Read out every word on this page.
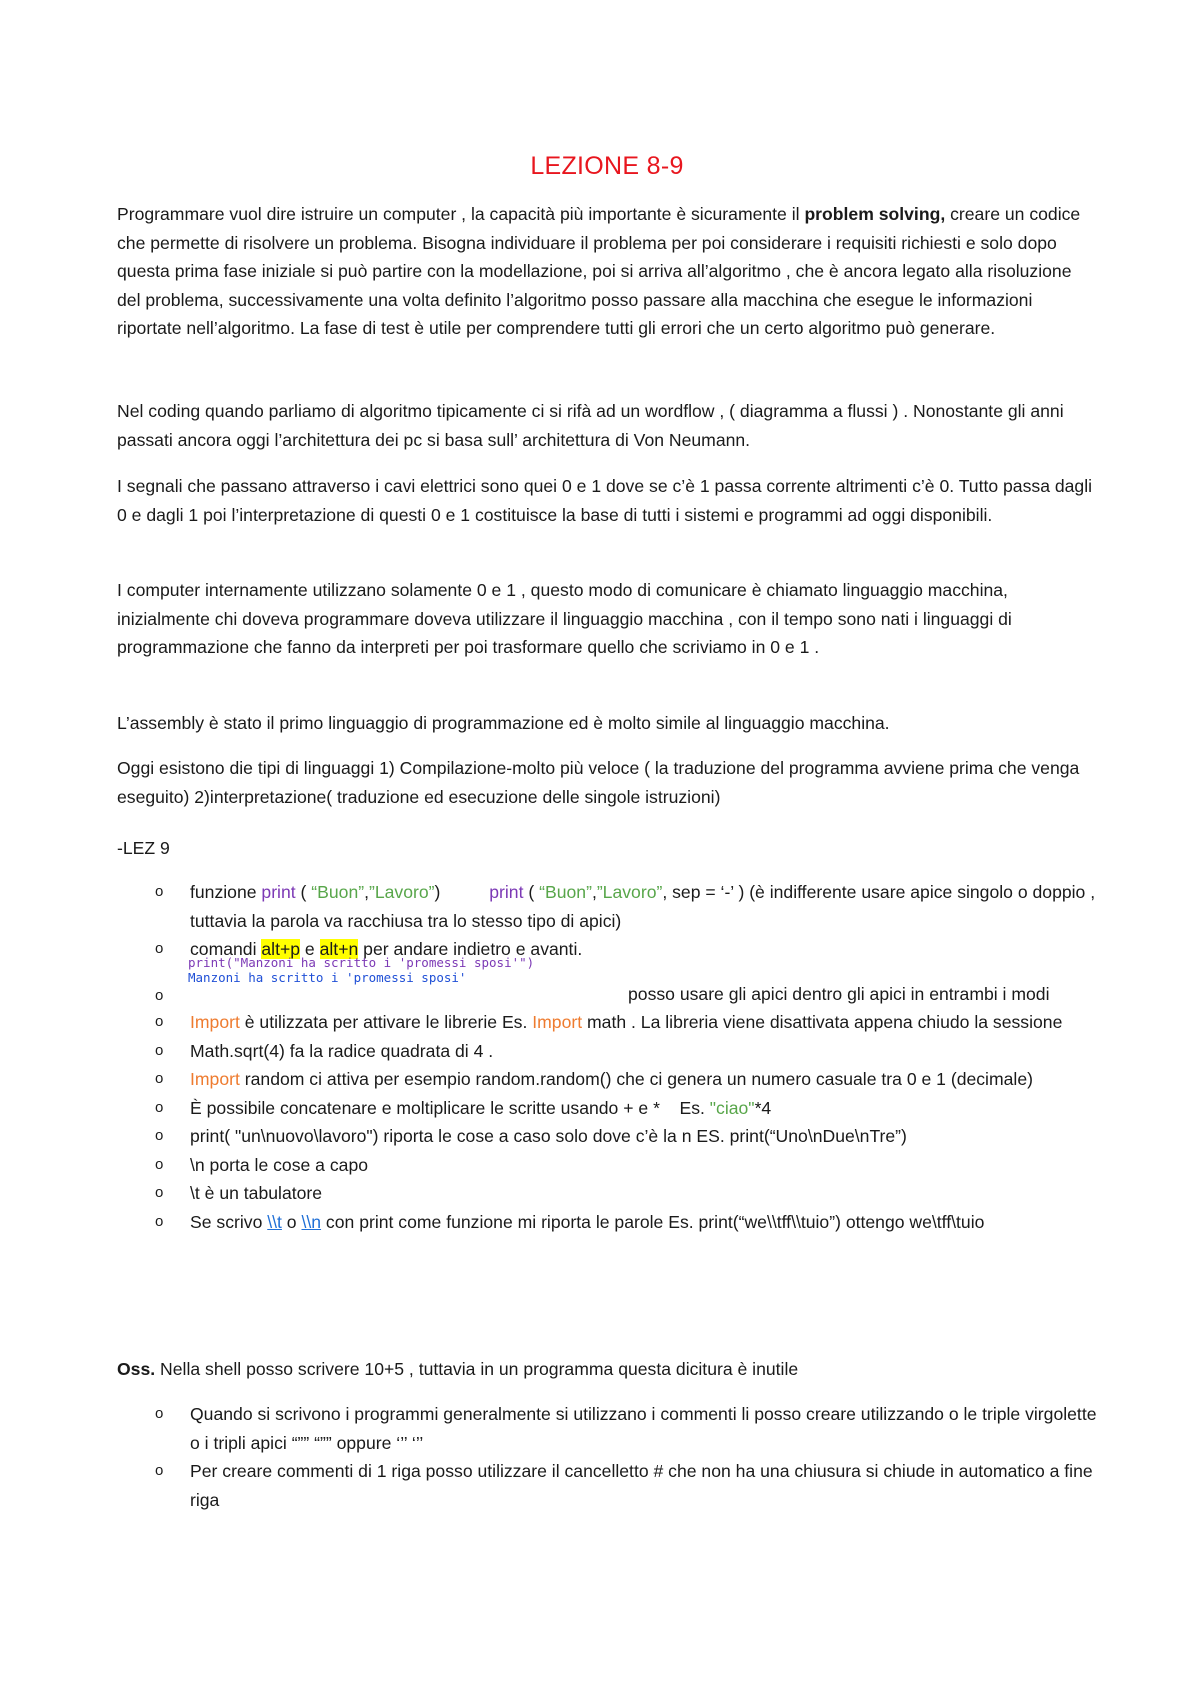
LEZIONE 8-9

Programmare vuol dire istruire un computer , la capacità più importante è sicuramente il problem solving, creare un codice che permette di risolvere un problema. Bisogna individuare il problema per poi considerare i requisiti richiesti e solo dopo questa prima fase iniziale si può partire con la modellazione, poi si arriva all’algoritmo , che è ancora legato alla risoluzione del problema, successivamente una volta definito l’algoritmo posso passare alla macchina che esegue le informazioni riportate nell’algoritmo. La fase di test è utile per comprendere tutti gli errori che un certo algoritmo può generare.

Nel coding quando parliamo di algoritmo tipicamente ci si rifà ad un wordflow , ( diagramma a flussi ) . Nonostante gli anni passati ancora oggi l’architettura dei pc si basa sull’ architettura di Von Neumann.

I segnali che passano attraverso i cavi elettrici sono quei 0 e 1 dove se c’è 1 passa corrente altrimenti c’è 0. Tutto passa dagli 0 e dagli 1 poi l’interpretazione di questi 0 e 1 costituisce la base di tutti i sistemi e programmi ad oggi disponibili.

I computer internamente utilizzano solamente 0 e 1 , questo modo di comunicare è chiamato linguaggio macchina, inizialmente chi doveva programmare doveva utilizzare il linguaggio macchina , con il tempo sono nati i linguaggi di programmazione che fanno da interpreti per poi trasformare quello che scriviamo in 0 e 1 .

L’assembly è stato il primo linguaggio di programmazione ed è molto simile al linguaggio macchina.

Oggi esistono die tipi di linguaggi 1) Compilazione-molto più veloce ( la traduzione del programma avviene prima che venga eseguito) 2)interpretazione( traduzione ed esecuzione delle singole istruzioni)

-LEZ 9

o funzione print ( “Buon”,”Lavoro”)          print ( “Buon”,”Lavoro”, sep = ‘-’ ) (è indifferente usare apice singolo o doppio , tuttavia la parola va racchiusa tra lo stesso tipo di apici)
o comandi alt+p e alt+n per andare indietro e avanti.
o	posso usare gli apici dentro gli apici in entrambi i modi
o Import è utilizzata per attivare le librerie Es. Import math . La libreria viene disattivata appena chiudo la sessione
o Math.sqrt(4) fa la radice quadrata di 4 .
o Import random ci attiva per esempio random.random() che ci genera un numero casuale tra 0 e 1 (decimale)
o È possibile concatenare e moltiplicare le scritte usando + e *    Es. "ciao"*4
o print( "un\nuovo\lavoro") riporta le cose a caso solo dove c’è la n ES. print(“Uno\nDue\nTre”)
o \n porta le cose a capo
o \t è un tabulatore
o Se scrivo \\t o \\n con print come funzione mi riporta le parole Es. print(“we\\tff\\tuio”) ottengo we\tff\tuio

Oss. Nella shell posso scrivere 10+5 , tuttavia in un programma questa dicitura è inutile

o Quando si scrivono i programmi generalmente si utilizzano i commenti li posso creare utilizzando o le triple virgolette o i tripli apici “”” “”” oppure ‘’’ ‘’’
o Per creare commenti di 1 riga posso utilizzare il cancelletto # che non ha una chiusura si chiude in automatico a fine riga
print("Manzoni ha scritto i 'promessi sposi'")
Manzoni ha scritto i 'promessi sposi'
